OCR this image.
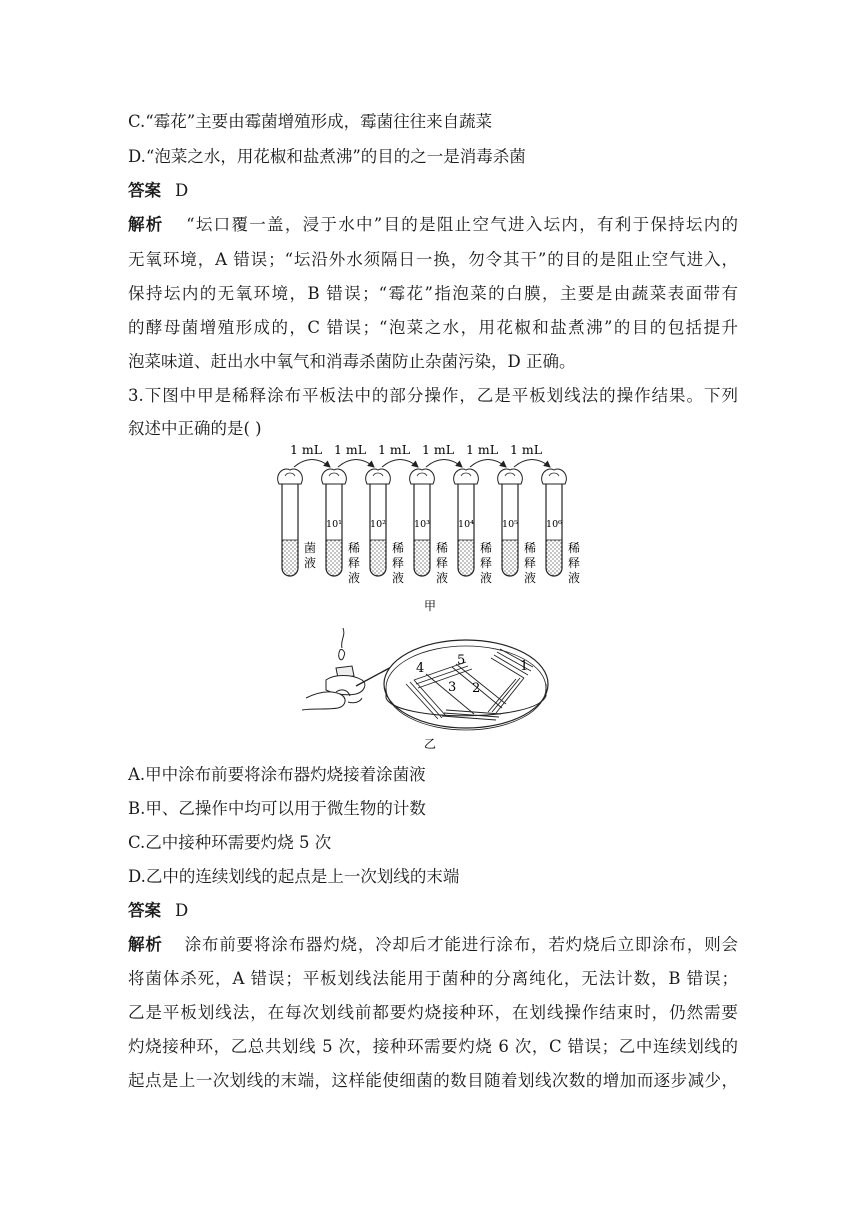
C.“霉花”主要由霉菌增殖形成，霉菌往往来自蔬菜
D.“泡菜之水，用花椒和盐煮沸”的目的之一是消毒杀菌
答案 D
解析 “坛口覆一盖，浸于水中”目的是阻止空气进入坛内，有利于保持坛内的
无氧环境，A 错误；“坛沿外水须隔日一换，勿令其干”的目的是阻止空气进入，
保持坛内的无氧环境，B 错误；“霉花”指泡菜的白膜，主要是由蔬菜表面带有
的酵母菌增殖形成的，C 错误；“泡菜之水，用花椒和盐煮沸”的目的包括提升
泡菜味道、赶出水中氧气和消毒杀菌防止杂菌污染，D 正确。
3.下图中甲是稀释涂布平板法中的部分操作，乙是平板划线法的操作结果。下列
叙述中正确的是( )
1 mL 1 mL 1 mL 1 mL 1 mL 1 mL
菌
液
10¹
稀
释
液
10²
稀
释
液
10³
稀
释
液
10⁴
稀
释
液
10⁵
稀
释
液
10⁶
稀
释
液
甲
1
2
3
4
5
乙
A.甲中涂布前要将涂布器灼烧接着涂菌液
B.甲、乙操作中均可以用于微生物的计数
C.乙中接种环需要灼烧 5 次
D.乙中的连续划线的起点是上一次划线的末端
答案 D
解析 涂布前要将涂布器灼烧，冷却后才能进行涂布，若灼烧后立即涂布，则会
将菌体杀死，A 错误；平板划线法能用于菌种的分离纯化，无法计数，B 错误；
乙是平板划线法，在每次划线前都要灼烧接种环，在划线操作结束时，仍然需要
灼烧接种环，乙总共划线 5 次，接种环需要灼烧 6 次，C 错误；乙中连续划线的
起点是上一次划线的末端，这样能使细菌的数目随着划线次数的增加而逐步减少，
